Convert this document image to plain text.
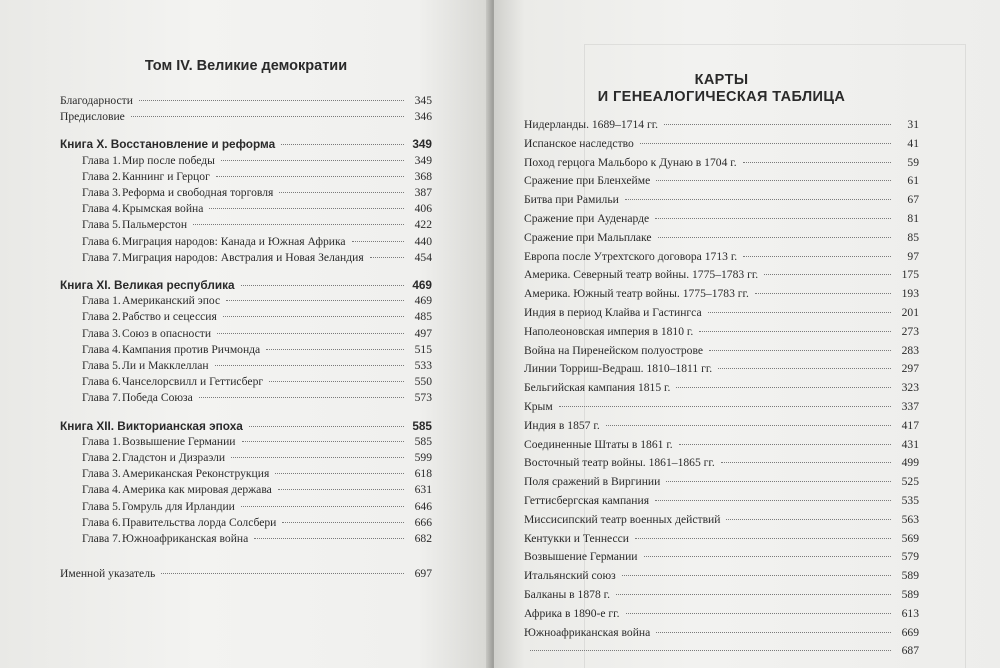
Том IV. Великие демократии
Благодарности	345
Предисловие	346
Книга X. Восстановление и реформа	349
Глава 1. Мир после победы	349
Глава 2. Каннинг и Герцог	368
Глава 3. Реформа и свободная торговля	387
Глава 4. Крымская война	406
Глава 5. Пальмерстон	422
Глава 6. Миграция народов: Канада и Южная Африка	440
Глава 7. Миграция народов: Австралия и Новая Зеландия	454
Книга XI. Великая республика	469
Глава 1. Американский эпос	469
Глава 2. Рабство и сецессия	485
Глава 3. Союз в опасности	497
Глава 4. Кампания против Ричмонда	515
Глава 5. Ли и Макклеллан	533
Глава 6. Чанселорсвилл и Геттисберг	550
Глава 7. Победа Союза	573
Книга XII. Викторианская эпоха	585
Глава 1. Возвышение Германии	585
Глава 2. Гладстон и Дизраэли	599
Глава 3. Американская Реконструкция	618
Глава 4. Америка как мировая держава	631
Глава 5. Гомруль для Ирландии	646
Глава 6. Правительства лорда Солсбери	666
Глава 7. Южноафриканская война	682
Именной указатель	697
КАРТЫ
И ГЕНЕАЛОГИЧЕСКАЯ ТАБЛИЦА
Нидерланды. 1689–1714 гг.	31
Испанское наследство	41
Поход герцога Мальборо к Дунаю в 1704 г.	59
Сражение при Бленхейме	61
Битва при Рамильи	67
Сражение при Ауденарде	81
Сражение при Мальплаке	85
Европа после Утрехтского договора 1713 г.	97
Америка. Северный театр войны. 1775–1783 гг.	175
Америка. Южный театр войны. 1775–1783 гг.	193
Индия в период Клайва и Гастингса	201
Наполеоновская империя в 1810 г.	273
Война на Пиренейском полуострове	283
Линии Торриш-Ведраш. 1810–1811 гг.	297
Бельгийская кампания 1815 г.	323
Крым	337
Индия в 1857 г.	417
Соединенные Штаты в 1861 г.	431
Восточный театр войны. 1861–1865 гг.	499
Поля сражений в Виргинии	525
Геттисбергская кампания	535
Миссисипский театр военных действий	563
Кентукки и Теннесси	569
Возвышение Германии	579
Итальянский союз	589
Балканы в 1878 г.	589
Африка в 1890-е гг.	613
Южноафриканская война	669
687
